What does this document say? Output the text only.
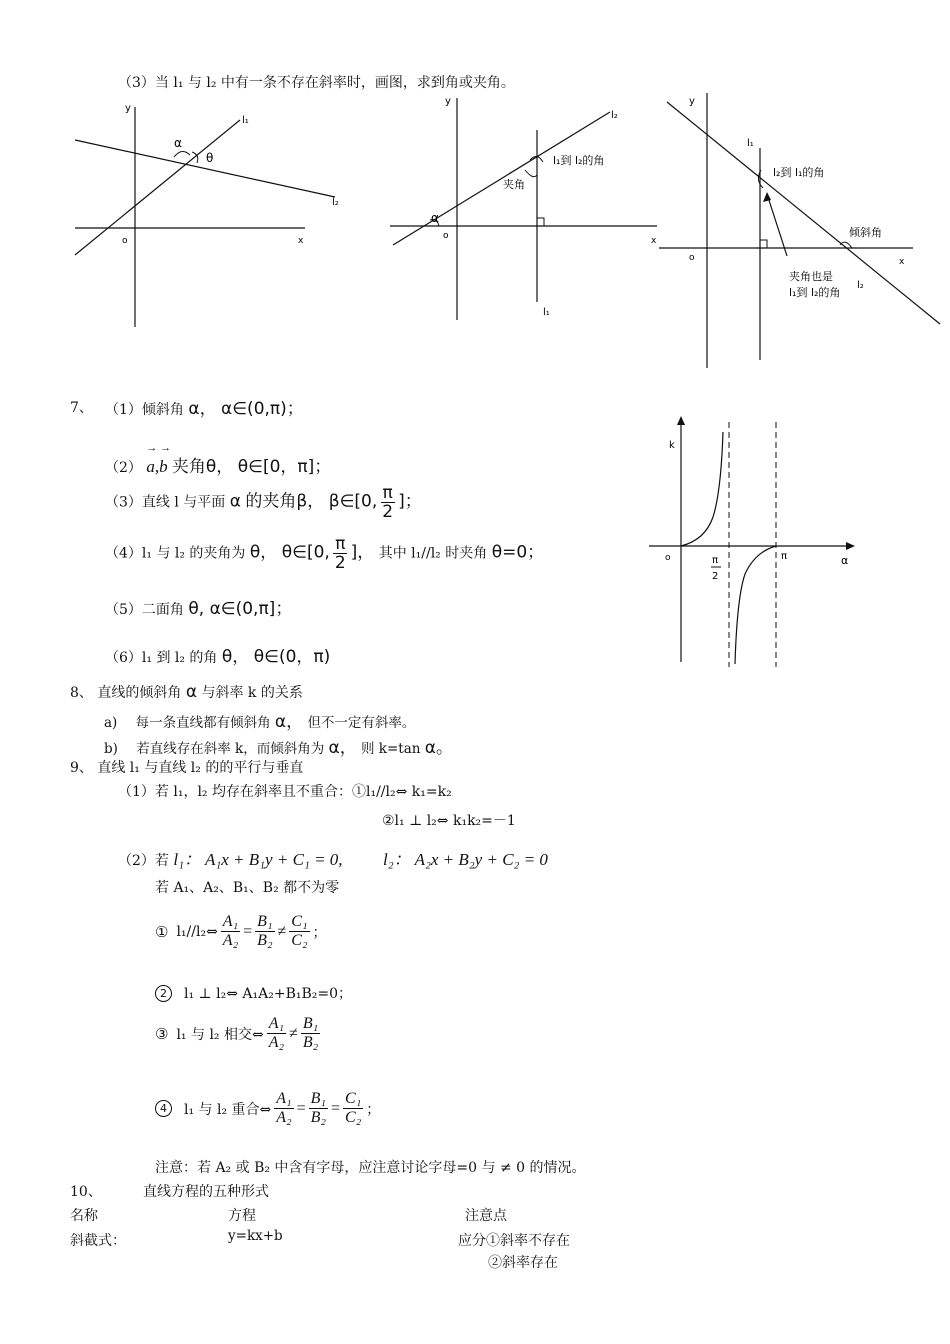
（3）当 l₁ 与 l₂ 中有一条不存在斜率时，画图，求到角或夹角。
y
x
o
l₁
l₂
α
θ
y
x
o
l₂
l₁
α
l₁到 l₂的角
夹角
y
x
o
l₁
l₂
l₂到 l₁的角
倾斜角
夹角也是
l₁到 l₂的角
k
o	α
π
π
2
7、 （1）倾斜角 α， α∈(0,π)；
（2）
→ →
a,b 夹角θ， θ∈[0，π]；
（3）直线 l 与平面 α 的夹角β， β∈[0, $\frac{\pi}{2}$ ]；
（4）l₁ 与 l₂ 的夹角为 θ， θ∈[0, $\frac{\pi}{2}$ ]， 其中 l₁//l₂ 时夹角 θ=0；
（5）二面角 θ, α∈(0,π]；
（6）l₁ 到 l₂ 的角 θ， θ∈(0，π)
8、 直线的倾斜角 α 与斜率 k 的关系
a) 每一条直线都有倾斜角 α， 但不一定有斜率。
b) 若直线存在斜率 k，而倾斜角为 α， 则 k=tan α。
9、 直线 l₁ 与直线 l₂ 的的平行与垂直
（1）若 l₁，l₂ 均存在斜率且不重合：①l₁//l₂⇔ k₁=k₂
②l₁ ⊥ l₂⇔ k₁k₂=－1
（2）若 l₁： A₁x + B₁y + C₁ = 0, l₂： A₂x + B₂y + C₂ = 0
若 A₁、A₂、B₁、B₂ 都不为零
① l₁//l₂⇔ $\frac{\text{A₁}}{\text{A₂}} = \frac{\text{B₁}}{\text{B₂}} \ne \frac{\text{C₁}}{\text{C₂}}$ ；
2	l₁ ⊥ l₂⇔ A₁A₂+B₁B₂=0；
③ l₁ 与 l₂ 相交⇔ $\frac{\text{A₁}}{\text{A₂}} \ne \frac{\text{B₁}}{\text{B₂}}$
4	l₁ 与 l₂ 重合⇔ $\frac{\text{A₁}}{\text{A₂}} = \frac{\text{B₁}}{\text{B₂}} = \frac{\text{C₁}}{\text{C₂}}$ ；
注意：若 A₂ 或 B₂ 中含有字母，应注意讨论字母=0 与 ≠ 0 的情况。
10、	直线方程的五种形式
名称	方程	注意点
斜截式：	y=kx+b	应分①斜率不存在
②斜率存在
